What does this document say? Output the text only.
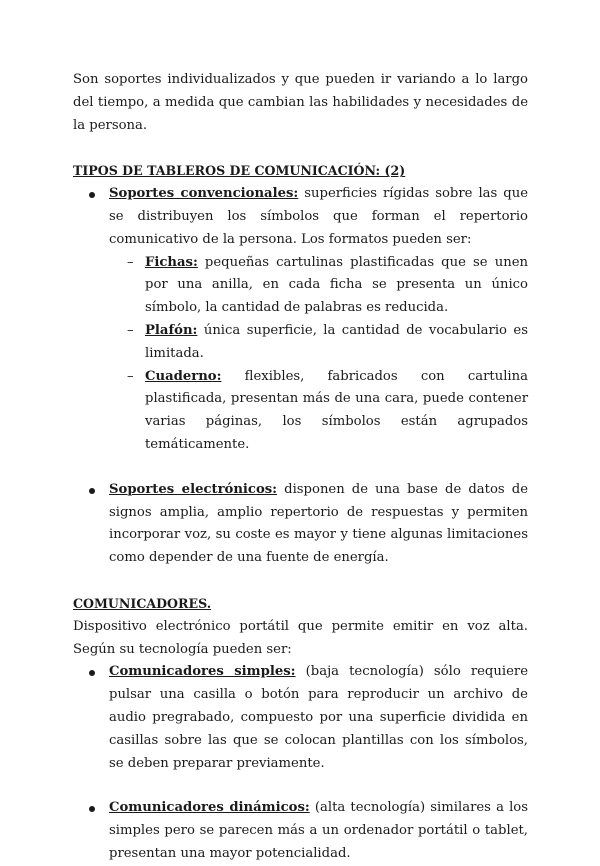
Son soportes individualizados y que pueden ir variando a lo largo del tiempo, a medida que cambian las habilidades y necesidades de la persona.

TIPOS DE TABLEROS DE COMUNICACIÓN: (2)

Soportes convencionales: superficies rígidas sobre las que se distribuyen los símbolos que forman el repertorio comunicativo de la persona. Los formatos pueden ser:
– Fichas: pequeñas cartulinas plastificadas que se unen por una anilla, en cada ficha se presenta un único símbolo, la cantidad de palabras es reducida.
– Plafón: única superficie, la cantidad de vocabulario es limitada.
– Cuaderno: flexibles, fabricados con cartulina plastificada, presentan más de una cara, puede contener varias páginas, los símbolos están agrupados temáticamente.
Soportes electrónicos: disponen de una base de datos de signos amplia, amplio repertorio de respuestas y permiten incorporar voz, su coste es mayor y tiene algunas limitaciones como depender de una fuente de energía.

COMUNICADORES.

Dispositivo electrónico portátil que permite emitir en voz alta. Según su tecnología pueden ser:

Comunicadores simples: (baja tecnología) sólo requiere pulsar una casilla o botón para reproducir un archivo de audio pregrabado, compuesto por una superficie dividida en casillas sobre las que se colocan plantillas con los símbolos, se deben preparar previamente.
Comunicadores dinámicos: (alta tecnología) similares a los simples pero se parecen más a un ordenador portátil o tablet, presentan una mayor potencialidad.
